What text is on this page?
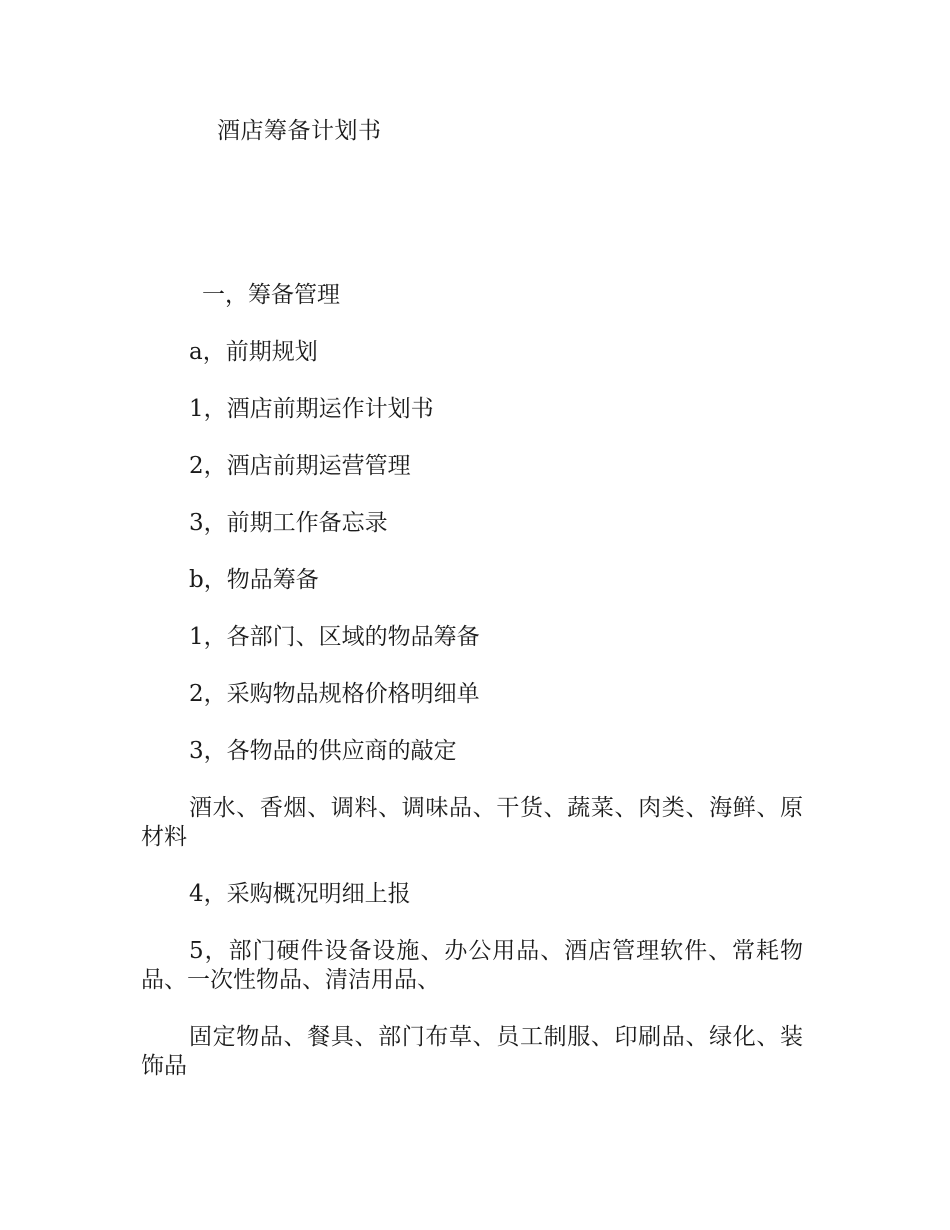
酒店筹备计划书

一，筹备管理

a，前期规划

1，酒店前期运作计划书

2，酒店前期运营管理

3，前期工作备忘录

b，物品筹备

1，各部门、区域的物品筹备

2，采购物品规格价格明细单

3，各物品的供应商的敲定

酒水、香烟、调料、调味品、干货、蔬菜、肉类、海鲜、原材料

4，采购概况明细上报

5，部门硬件设备设施、办公用品、酒店管理软件、常耗物品、一次性物品、清洁用品、

固定物品、餐具、部门布草、员工制服、印刷品、绿化、装饰品
